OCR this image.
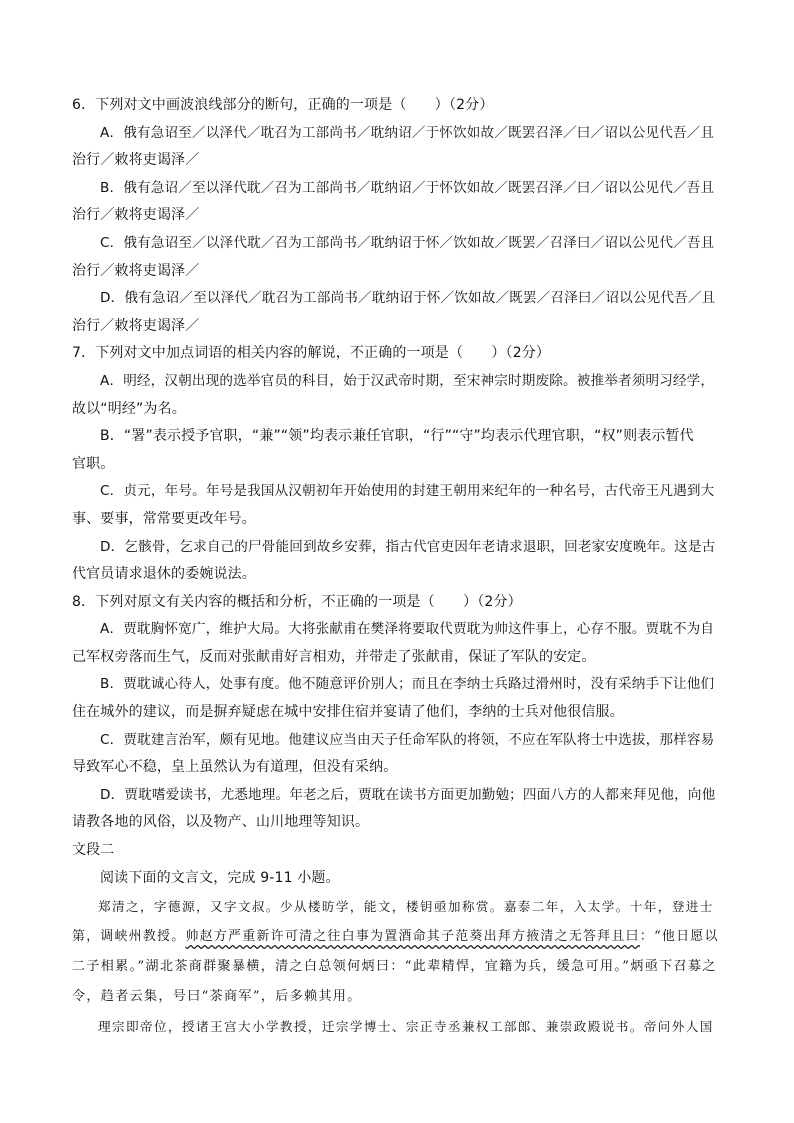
6．下列对文中画波浪线部分的断句，正确的一项是（　　）（2分）

A．俄有急诏至／以泽代／耽召为工部尚书／耽纳诏／于怀饮如故／既罢召泽／曰／诏以公见代吾／且

治行／敕将吏谒泽／

B．俄有急诏／至以泽代耽／召为工部尚书／耽纳诏／于怀饮如故／既罢召泽／曰／诏以公见代／吾且

治行／敕将吏谒泽／

C．俄有急诏至／以泽代耽／召为工部尚书／耽纳诏于怀／饮如故／既罢／召泽曰／诏以公见代／吾且

治行／敕将吏谒泽／

D．俄有急诏／至以泽代／耽召为工部尚书／耽纳诏于怀／饮如故／既罢／召泽曰／诏以公见代吾／且

治行／敕将吏谒泽／

7．下列对文中加点词语的相关内容的解说，不正确的一项是（　　）（2分）

A．明经，汉朝出现的选举官员的科目，始于汉武帝时期，至宋神宗时期废除。被推举者须明习经学，

故以“明经”为名。

B．“署”表示授予官职，“兼”“领”均表示兼任官职，“行”“守”均表示代理官职，“权”则表示暂代

官职。

C．贞元，年号。年号是我国从汉朝初年开始使用的封建王朝用来纪年的一种名号，古代帝王凡遇到大

事、要事，常常要更改年号。

D．乞骸骨，乞求自己的尸骨能回到故乡安葬，指古代官吏因年老请求退职，回老家安度晚年。这是古

代官员请求退休的委婉说法。

8．下列对原文有关内容的概括和分析，不正确的一项是（　　）（2分）

A．贾耽胸怀宽广，维护大局。大将张献甫在樊泽将要取代贾耽为帅这件事上，心存不服。贾耽不为自

己军权旁落而生气，反而对张献甫好言相劝，并带走了张献甫，保证了军队的安定。

B．贾耽诚心待人，处事有度。他不随意评价别人；而且在李纳士兵路过滑州时，没有采纳手下让他们

住在城外的建议，而是摒弃疑虑在城中安排住宿并宴请了他们，李纳的士兵对他很信服。

C．贾耽建言治军，颇有见地。他建议应当由天子任命军队的将领，不应在军队将士中选拔，那样容易

导致军心不稳，皇上虽然认为有道理，但没有采纳。

D．贾耽嗜爱读书，尤悉地理。年老之后，贾耽在读书方面更加勤勉；四面八方的人都来拜见他，向他

请教各地的风俗，以及物产、山川地理等知识。

文段二

阅读下面的文言文，完成 9-11 小题。

郑清之，字德源，又字文叔。少从楼昉学，能文，楼钥亟加称赏。嘉泰二年，入太学。十年，登进士

第，调峡州教授。帅赵方严重新许可清之往白事为置酒命其子范葵出拜方掖清之无答拜且曰：“他日愿以

二子相累。”湖北茶商群聚暴横，清之白总领何炳曰：“此辈精悍，宜籍为兵，缓急可用。”炳亟下召募之

令，趋者云集，号曰“茶商军”，后多赖其用。

理宗即帝位，授诸王宫大小学教授，迁宗学博士、宗正寺丞兼权工部郎、兼崇政殿说书。帝问外人国
